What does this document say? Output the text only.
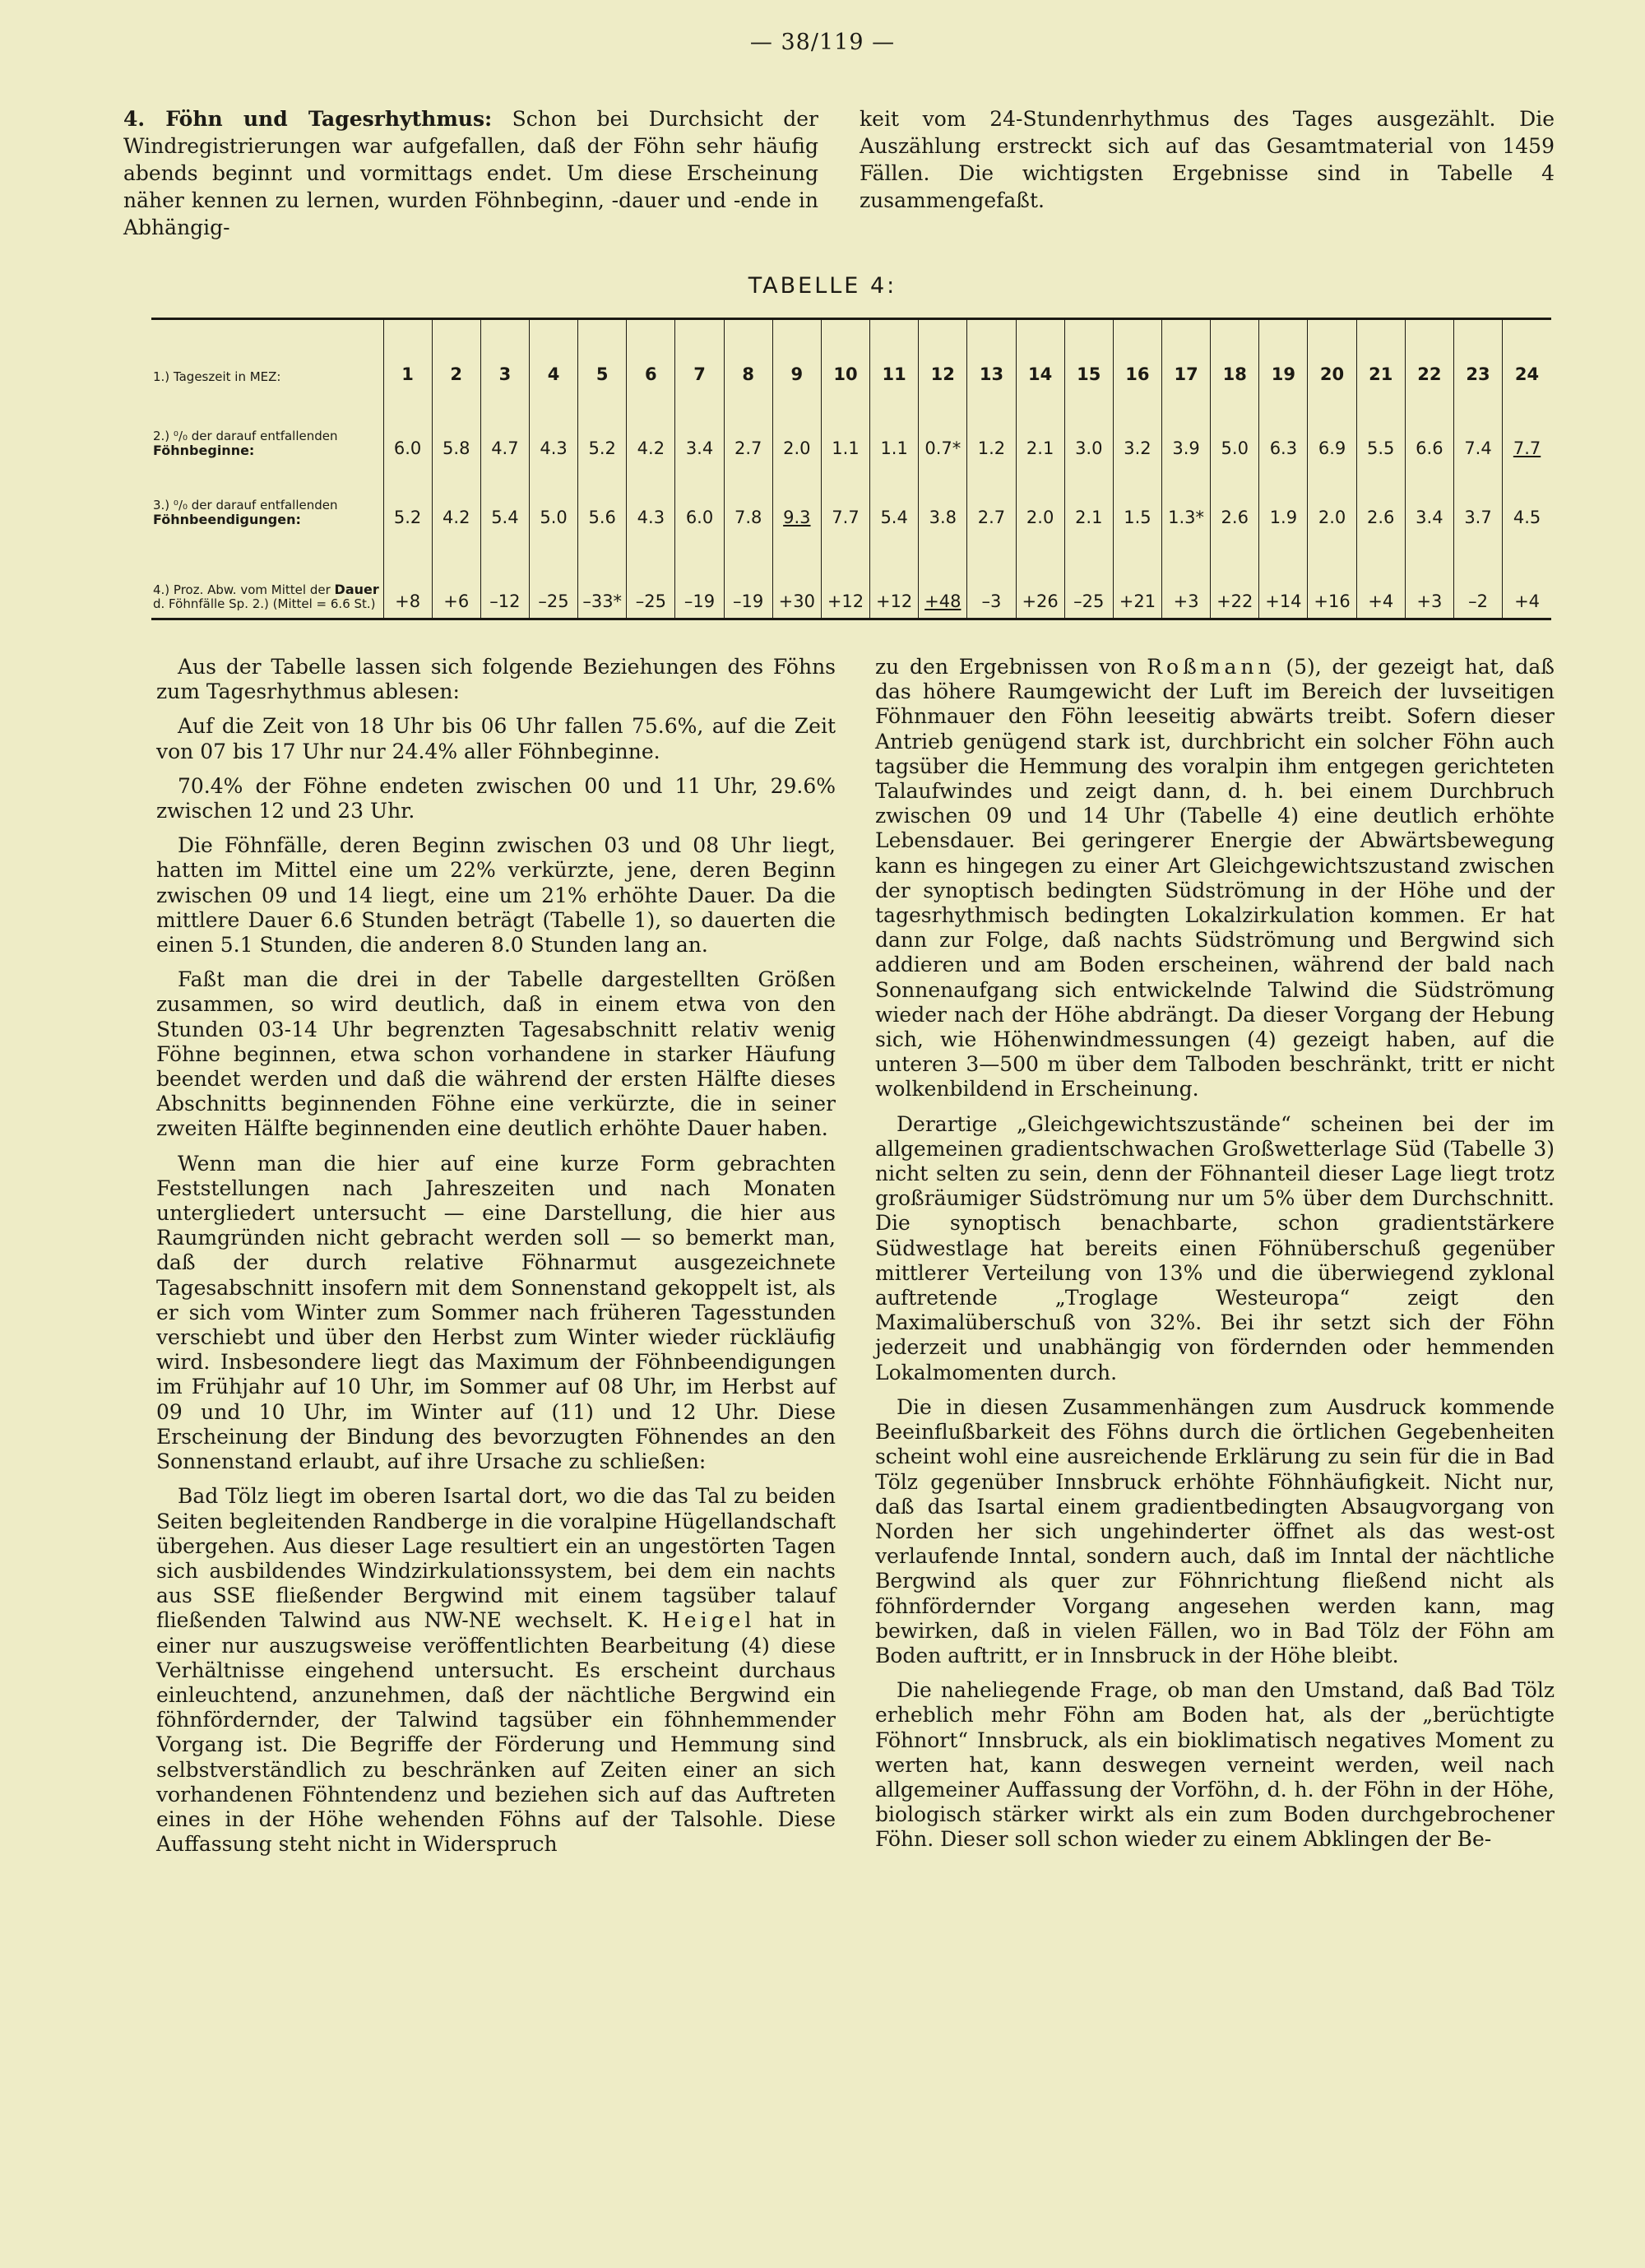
— 38/119 —

4. Föhn und Tagesrhythmus: Schon bei Durchsicht der Windregistrierungen war aufgefallen, daß der Föhn sehr häufig abends beginnt und vormittags endet. Um diese Erscheinung näher kennen zu lernen, wurden Föhnbeginn, -dauer und -ende in Abhängig-

keit vom 24-Stundenrhythmus des Tages ausgezählt. Die Auszählung erstreckt sich auf das Gesamtmaterial von 1459 Fällen. Die wichtigsten Ergebnisse sind in Tabelle 4 zusammengefaßt.

TABELLE 4:
1.) Tageszeit in MEZ:	1	2	3	4	5	6	7	8	9	10	11	12	13	14	15	16	17	18	19	20	21	22	23	24
2.) ⁰/₀ der darauf entfallenden
Föhnbeginne:	6.0	5.8	4.7	4.3	5.2	4.2	3.4	2.7	2.0	1.1	1.1	0.7*	1.2	2.1	3.0	3.2	3.9	5.0	6.3	6.9	5.5	6.6	7.4	7.7
3.) ⁰/₀ der darauf entfallenden
Föhnbeendigungen:	5.2	4.2	5.4	5.0	5.6	4.3	6.0	7.8	9.3	7.7	5.4	3.8	2.7	2.0	2.1	1.5	1.3*	2.6	1.9	2.0	2.6	3.4	3.7	4.5
4.) Proz. Abw. vom Mittel der Dauer d. Föhnfälle Sp. 2.) (Mittel = 6.6 St.)	+8	+6	–12	–25	–33*	–25	–19	–19	+30	+12	+12	+48	–3	+26	–25	+21	+3	+22	+14	+16	+4	+3	–2	+4

Aus der Tabelle lassen sich folgende Beziehungen des Föhns zum Tagesrhythmus ablesen:

Auf die Zeit von 18 Uhr bis 06 Uhr fallen 75.6%, auf die Zeit von 07 bis 17 Uhr nur 24.4% aller Föhnbeginne.

70.4% der Föhne endeten zwischen 00 und 11 Uhr, 29.6% zwischen 12 und 23 Uhr.

Die Föhnfälle, deren Beginn zwischen 03 und 08 Uhr liegt, hatten im Mittel eine um 22% verkürzte, jene, deren Beginn zwischen 09 und 14 liegt, eine um 21% erhöhte Dauer. Da die mittlere Dauer 6.6 Stunden beträgt (Tabelle 1), so dauerten die einen 5.1 Stunden, die anderen 8.0 Stunden lang an.

Faßt man die drei in der Tabelle dargestellten Größen zusammen, so wird deutlich, daß in einem etwa von den Stunden 03-14 Uhr begrenzten Tagesabschnitt relativ wenig Föhne beginnen, etwa schon vorhandene in starker Häufung beendet werden und daß die während der ersten Hälfte dieses Abschnitts beginnenden Föhne eine verkürzte, die in seiner zweiten Hälfte beginnenden eine deutlich erhöhte Dauer haben.

Wenn man die hier auf eine kurze Form gebrachten Feststellungen nach Jahreszeiten und nach Monaten untergliedert untersucht — eine Darstellung, die hier aus Raumgründen nicht gebracht werden soll — so bemerkt man, daß der durch relative Föhnarmut ausgezeichnete Tagesabschnitt insofern mit dem Sonnenstand gekoppelt ist, als er sich vom Winter zum Sommer nach früheren Tagesstunden verschiebt und über den Herbst zum Winter wieder rückläufig wird. Insbesondere liegt das Maximum der Föhnbeendigungen im Frühjahr auf 10 Uhr, im Sommer auf 08 Uhr, im Herbst auf 09 und 10 Uhr, im Winter auf (11) und 12 Uhr. Diese Erscheinung der Bindung des bevorzugten Föhnendes an den Sonnenstand erlaubt, auf ihre Ursache zu schließen:

Bad Tölz liegt im oberen Isartal dort, wo die das Tal zu beiden Seiten begleitenden Randberge in die voralpine Hügellandschaft übergehen. Aus dieser Lage resultiert ein an ungestörten Tagen sich ausbildendes Windzirkulationssystem, bei dem ein nachts aus SSE fließender Bergwind mit einem tagsüber talauf fließenden Talwind aus NW-NE wechselt. K. Heigel hat in einer nur auszugsweise veröffentlichten Bearbeitung (4) diese Verhältnisse eingehend untersucht. Es erscheint durchaus einleuchtend, anzunehmen, daß der nächtliche Bergwind ein föhnfördernder, der Talwind tagsüber ein föhnhemmender Vorgang ist. Die Begriffe der Förderung und Hemmung sind selbstverständlich zu beschränken auf Zeiten einer an sich vorhandenen Föhntendenz und beziehen sich auf das Auftreten eines in der Höhe wehenden Föhns auf der Talsohle. Diese Auffassung steht nicht in Widerspruch

zu den Ergebnissen von Roßmann (5), der gezeigt hat, daß das höhere Raumgewicht der Luft im Bereich der luvseitigen Föhnmauer den Föhn leeseitig abwärts treibt. Sofern dieser Antrieb genügend stark ist, durchbricht ein solcher Föhn auch tagsüber die Hemmung des voralpin ihm entgegen gerichteten Talaufwindes und zeigt dann, d. h. bei einem Durchbruch zwischen 09 und 14 Uhr (Tabelle 4) eine deutlich erhöhte Lebensdauer. Bei geringerer Energie der Abwärtsbewegung kann es hingegen zu einer Art Gleichgewichtszustand zwischen der synoptisch bedingten Südströmung in der Höhe und der tagesrhythmisch bedingten Lokalzirkulation kommen. Er hat dann zur Folge, daß nachts Südströmung und Bergwind sich addieren und am Boden erscheinen, während der bald nach Sonnenaufgang sich entwickelnde Talwind die Südströmung wieder nach der Höhe abdrängt. Da dieser Vorgang der Hebung sich, wie Höhenwindmessungen (4) gezeigt haben, auf die unteren 3—500 m über dem Talboden beschränkt, tritt er nicht wolkenbildend in Erscheinung.

Derartige „Gleichgewichtszustände“ scheinen bei der im allgemeinen gradientschwachen Großwetterlage Süd (Tabelle 3) nicht selten zu sein, denn der Föhnanteil dieser Lage liegt trotz großräumiger Südströmung nur um 5% über dem Durchschnitt. Die synoptisch benachbarte, schon gradientstärkere Südwestlage hat bereits einen Föhnüberschuß gegenüber mittlerer Verteilung von 13% und die überwiegend zyklonal auftretende „Troglage Westeuropa“ zeigt den Maximalüberschuß von 32%. Bei ihr setzt sich der Föhn jederzeit und unabhängig von fördernden oder hemmenden Lokalmomenten durch.

Die in diesen Zusammenhängen zum Ausdruck kommende Beeinflußbarkeit des Föhns durch die örtlichen Gegebenheiten scheint wohl eine ausreichende Erklärung zu sein für die in Bad Tölz gegenüber Innsbruck erhöhte Föhnhäufigkeit. Nicht nur, daß das Isartal einem gradientbedingten Absaugvorgang von Norden her sich ungehinderter öffnet als das west-ost verlaufende Inntal, sondern auch, daß im Inntal der nächtliche Bergwind als quer zur Föhnrichtung fließend nicht als föhnfördernder Vorgang angesehen werden kann, mag bewirken, daß in vielen Fällen, wo in Bad Tölz der Föhn am Boden auftritt, er in Innsbruck in der Höhe bleibt.

Die naheliegende Frage, ob man den Umstand, daß Bad Tölz erheblich mehr Föhn am Boden hat, als der „berüchtigte Föhnort“ Innsbruck, als ein bioklimatisch negatives Moment zu werten hat, kann deswegen verneint werden, weil nach allgemeiner Auffassung der Vorföhn, d. h. der Föhn in der Höhe, biologisch stärker wirkt als ein zum Boden durchgebrochener Föhn. Dieser soll schon wieder zu einem Abklingen der Be-
